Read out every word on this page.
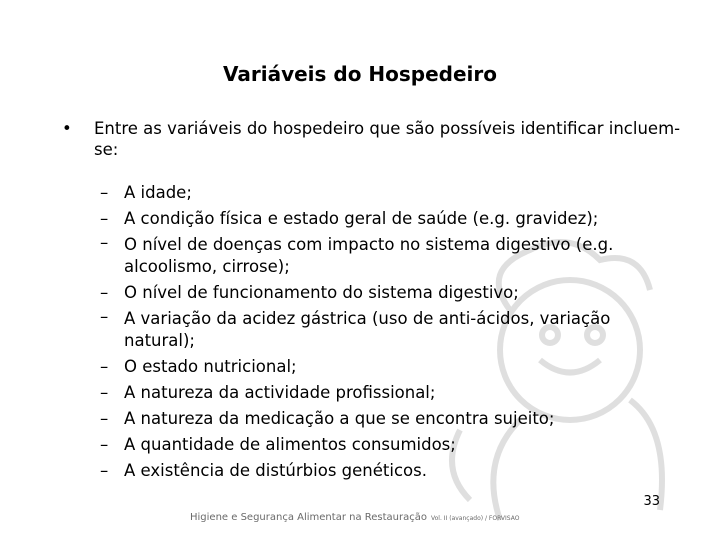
Variáveis do Hospedeiro
•	Entre as variáveis do hospedeiro que são possíveis identificar incluem-se:
– A idade;
– A condição física e estado geral de saúde (e.g. gravidez);
– O nível de doenças com impacto no sistema digestivo (e.g. alcoolismo, cirrose);
– O nível de funcionamento do sistema digestivo;
– A variação da acidez gástrica (uso de anti-ácidos, variação natural);
– O estado nutricional;
– A natureza da actividade profissional;
– A natureza da medicação a que se encontra sujeito;
– A quantidade de alimentos consumidos;
– A existência de distúrbios genéticos.
33
Higiene e Segurança Alimentar na Restauração Vol. II (avançado) / FORVISAO
